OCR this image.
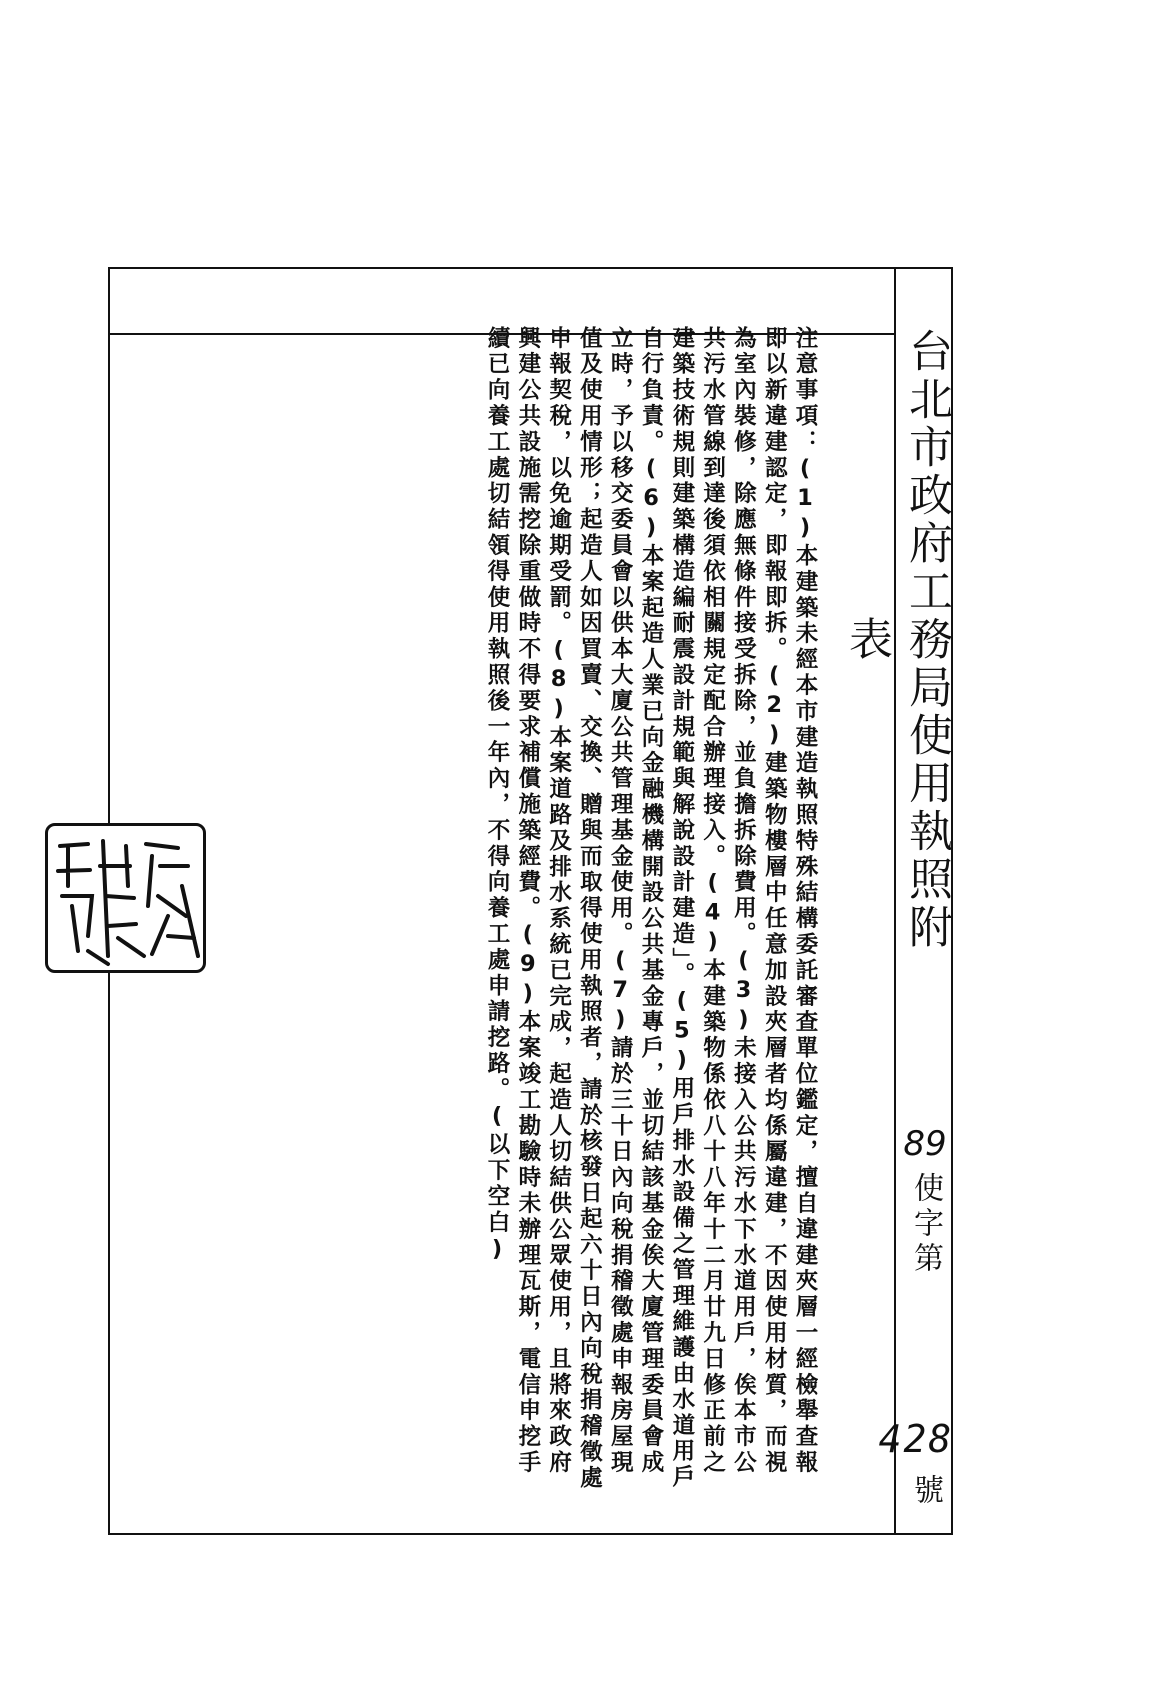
台北市政府工務局使用執照附表
89
使字第
428
號

注意事項：(1)本建築未經本市建造執照特殊結構委託審查單位鑑定，擅自違建夾層一經檢舉查報即以新違建認定，即報即拆。(2)建築物樓層中任意加設夾層者均係屬違建，不因使用材質，而視為室內裝修，除應無條件接受拆除，並負擔拆除費用。(3)未接入公共污水下水道用戶，俟本市公共污水管線到達後須依相關規定配合辦理接入。(4)本建築物係依八十八年十二月廿九日修正前之建築技術規則建築構造編耐震設計規範與解說設計建造」。(5)用戶排水設備之管理維護由水道用戶自行負責。(6)本案起造人業已向金融機構開設公共基金專戶，並切結該基金俟大廈管理委員會成立時，予以移交委員會以供本大廈公共管理基金使用。(7)請於三十日內向稅捐稽徵處申報房屋現值及使用情形；起造人如因買賣、交換、贈與而取得使用執照者，請於核發日起六十日內向稅捐稽徵處申報契稅，以免逾期受罰。(8)本案道路及排水系統已完成，起造人切結供公眾使用，且將來政府興建公共設施需挖除重做時不得要求補償施築經費。(9)本案竣工勘驗時未辦理瓦斯，電信申挖手續已向養工處切結領得使用執照後一年內，不得向養工處申請挖路。(以下空白)
